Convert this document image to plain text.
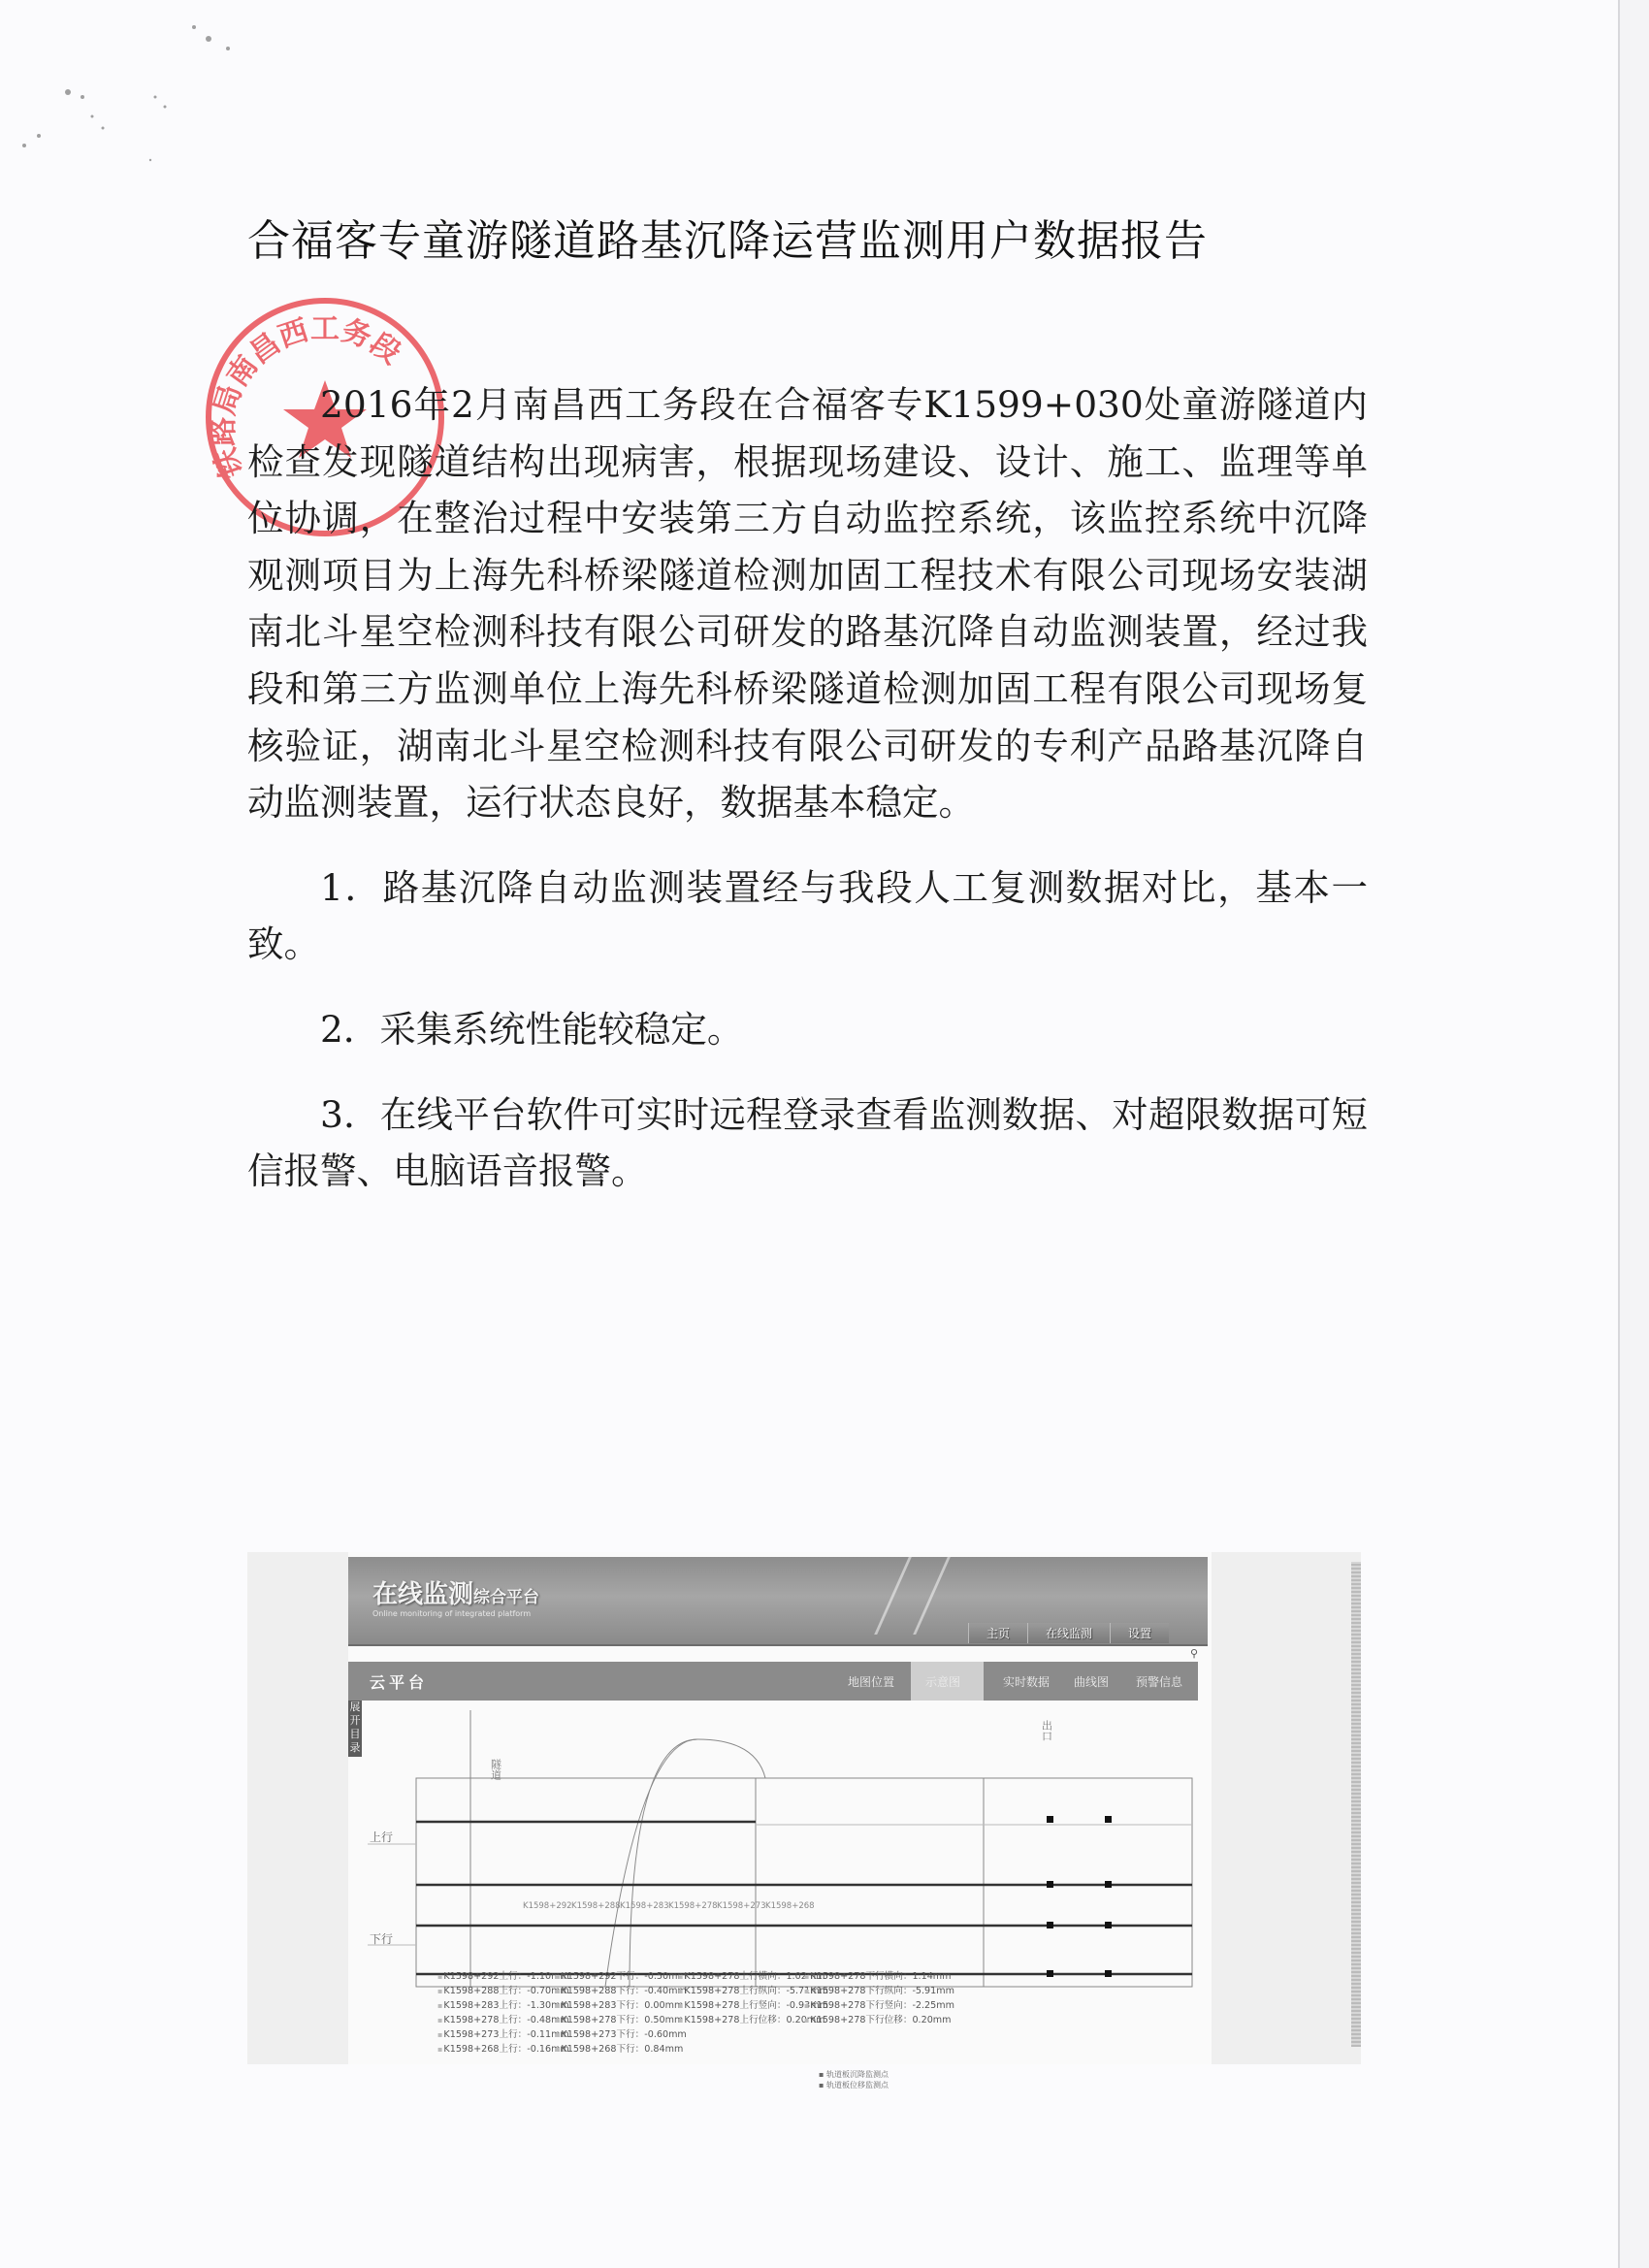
合福客专童游隧道路基沉降运营监测用户数据报告
铁路局南昌西工务段

2016年2月南昌西工务段在合福客专K1599+030处童游隧道内检查发现隧道结构出现病害，根据现场建设、设计、施工、监理等单位协调，在整治过程中安装第三方自动监控系统，该监控系统中沉降观测项目为上海先科桥梁隧道检测加固工程技术有限公司现场安装湖南北斗星空检测科技有限公司研发的路基沉降自动监测装置，经过我段和第三方监测单位上海先科桥梁隧道检测加固工程有限公司现场复核验证，湖南北斗星空检测科技有限公司研发的专利产品路基沉降自动监测装置，运行状态良好，数据基本稳定。

1．路基沉降自动监测装置经与我段人工复测数据对比，基本一致。

2．采集系统性能较稳定。

3．在线平台软件可实时远程登录查看监测数据、对超限数据可短信报警、电脑语音报警。

在线监测综合平台
Online monitoring of integrated platform
主页	在线监测	设置
⚲
云平台	地图位置	示意图	实时数据 曲线图 预警信息
展开目录
上行
下行
隧道
出口
K1598+292 K1598+288 K1598+283 K1598+278 K1598+273 K1598+268
▪ 轨道板沉降监测点
▪ 轨道板位移监测点
▪ K1598+292上行：-1.10mm
▪ K1598+288上行：-0.70mm
▪ K1598+283上行：-1.30mm
▪ K1598+278上行：-0.48mm
▪ K1598+273上行：-0.11mm
▪ K1598+268上行：-0.16mm
▪ K1598+292下行：-0.50mm
▪ K1598+288下行：-0.40mm
▪ K1598+283下行：0.00mm
▪ K1598+278下行：0.50mm
▪ K1598+273下行：-0.60mm
▪ K1598+268下行：0.84mm
▪ K1598+278上行横向：1.02mm
▪ K1598+278上行纵向：-5.71mm
▪ K1598+278上行竖向：-0.93mm
▪ K1598+278上行位移：0.20mm
▪ K1598+278下行横向：1.14mm
▪ K1598+278下行纵向：-5.91mm
▪ K1598+278下行竖向：-2.25mm
▪ K1598+278下行位移：0.20mm
